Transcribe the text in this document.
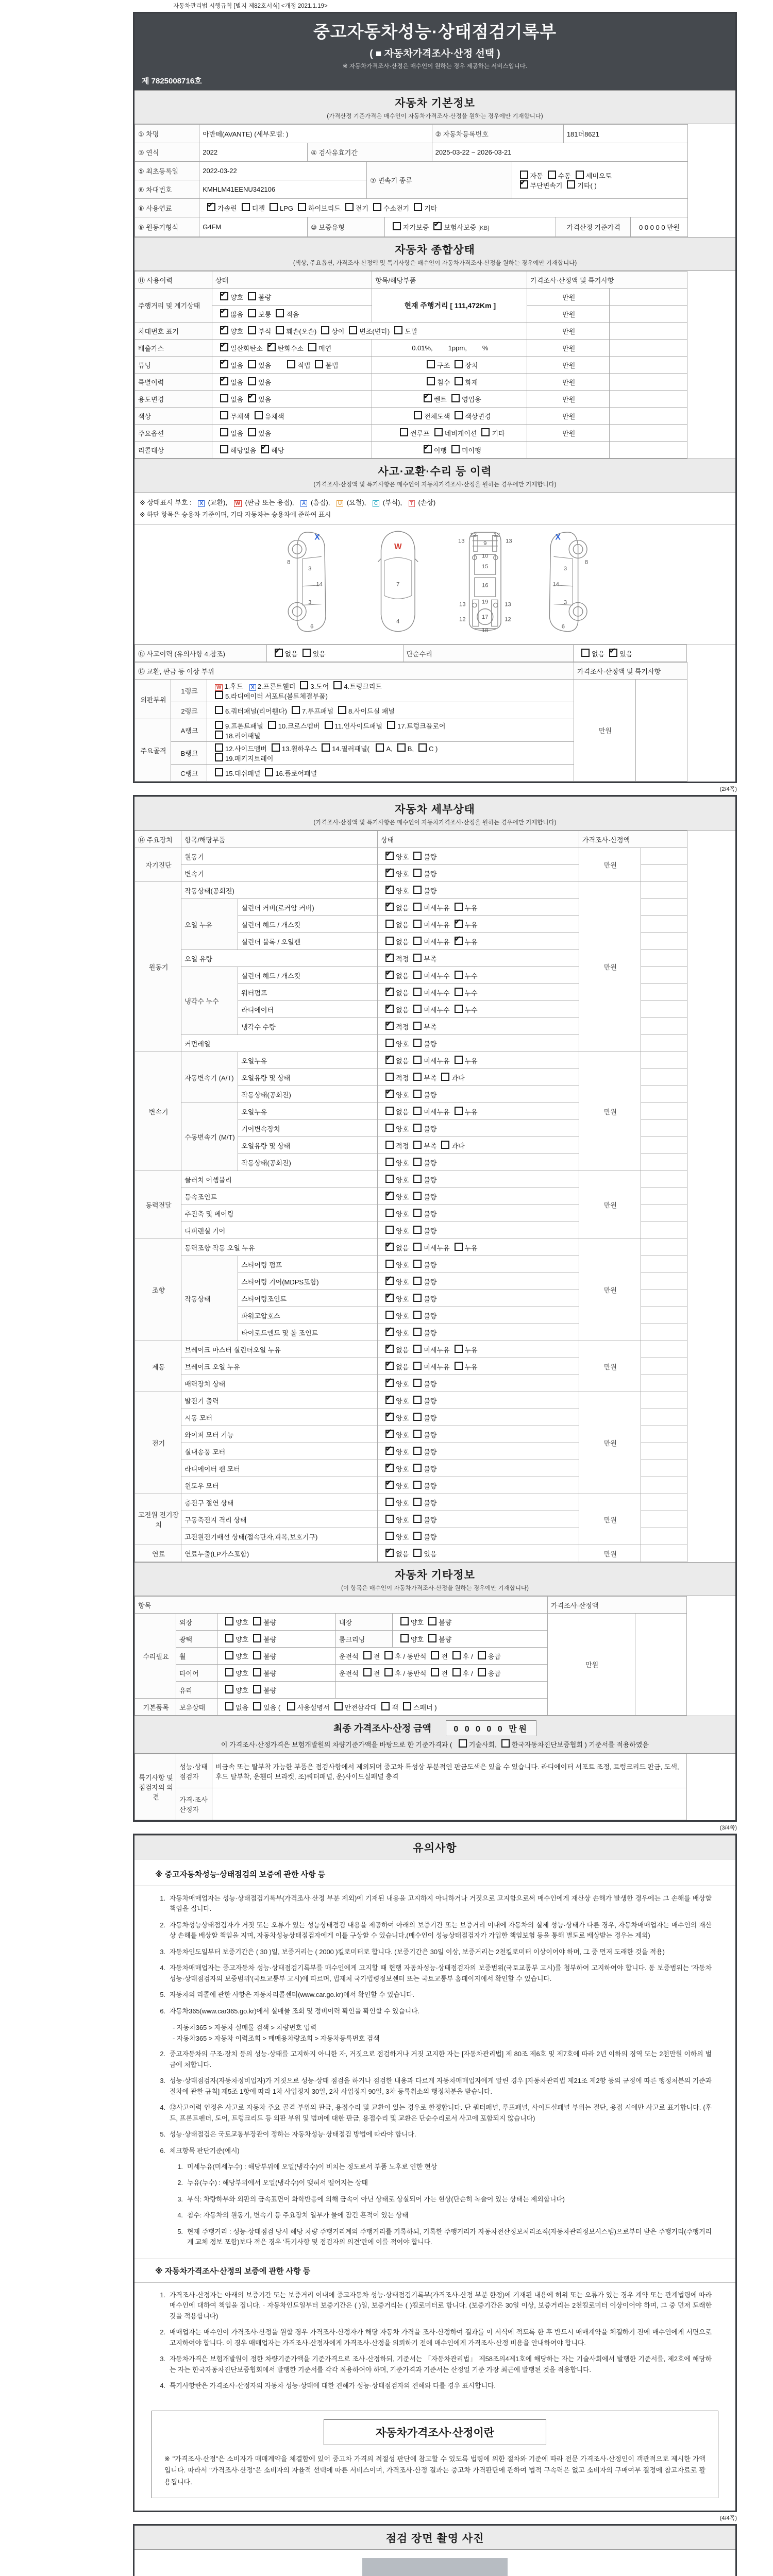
자동차관리법 시행규칙 [별지 제82호서식] <개정 2021.1.19>
중고자동차성능·상태점검기록부
( ■ 자동차가격조사·산정 선택 )
※ 자동차가격조사·산정은 매수인이 원하는 경우 제공하는 서비스입니다.
제 7825008716호
자동차 기본정보
(가격산정 기준가격은 매수인이 자동차가격조사·산정을 원하는 경우에만 기재합니다)
① 차명	아반떼(AVANTE) (세부모델: )				② 자동차등록번호			181더8621	
③ 연식	2022	④ 검사유효기간			2025-03-22 ~ 2026-03-21				
⑤ 최초등록일	2022-03-22		⑦ 변속기 종류			자동 수동 세미오토
✔무단변속기 기타( )
⑥ 차대번호	KMHLM41EENU342106								
⑧ 사용연료	✔가솔린 디젤 LPG 하이브리드 전기 수소전기 기타
⑨ 원동기형식	G4FM	⑩ 보증유형		자가보증 ✔ 보험사보증 [KB]			가격산정 기준가격		0 0 0 0 0 만원
자동차 종합상태
(색상, 주요옵션, 가격조사·산정액 및 특기사항은 매수인이 자동차가격조사·산정을 원하는 경우에만 기재합니다)
⑪ 사용이력	상태	항목/해당부품	가격조사·산정액 및 특기사항	
주행거리 및 계기상태	✔양호 불량	현재 주행거리 [ 111,472Km ]	만원	
✔많음 보통 적음		만원	
차대번호 표기	✔양호 부식 훼손(오손) 상이 변조(변타) 도말		만원	
배출가스	✔일산화탄소 ✔ 탄화수소 매연	0.01%, 1ppm, %	만원	
튜닝	✔없음 있음 적법 불법	구조 장치	만원	
특별이력	✔없음 있음	침수 화재	만원	
용도변경	없음 ✔ 있음	✔렌트 영업용	만원	
색상	무채색 유채색	전체도색 색상변경	만원	
주요옵션	없음 있음	썬루프 네비게이션 기타	만원	
리콜대상	해당없음 ✔ 해당	✔이행 미이행		
사고·교환·수리 등 이력
(가격조사·산정액 및 특기사항은 매수인이 자동차가격조사·산정을 원하는 경우에만 기재합니다)
※ 상태표시 부호 : X (교환), W (판금 또는 용접), A (흠집), U (요철), C (부식), T (손상)
※ 하단 항목은 승용차 기준이며, 기타 자동차는 승용차에 준하여 표시
8
3
14
3
6
X
7
4
W
13
12
9
12
13
10
15
16
19
13	13
12	12
17
18
8
3
14
3
6
X
⑫ 사고이력 (유의사항 4.참조)	✔없음 있음	단순수리	없음 ✔ 있음
⑬ 교환, 판금 등 이상 부위			가격조사·산정액 및 특기사항	
외판부위	1랭크	W 1.후드 X 2.프론트휀더 3.도어 4.트렁크리드
5.라디에이터 서포트(볼트체결부품)	만원	
	2랭크	6.쿼터패널(리어휀다) 7.루프패널 8.사이드실 패널		
주요골격	A랭크	9.프론트패널 10.크로스멤버 11.인사이드패널 17.트렁크플로어
18.리어패널		
	B랭크	12.사이드멤버 13.휠하우스 14.필러패널( A, B, C )
19.패키지트레이		
	C랭크	15.대쉬패널 16.플로어패널		
(2/4쪽)
자동차 세부상태
(가격조사·산정액 및 특기사항은 매수인이 자동차가격조사·산정을 원하는 경우에만 기재합니다)
⑭ 주요장치	항목/해당부품		상태	가격조사·산정액	
자기진단	원동기	✔양호 불량	만원	
	변속기	✔양호 불량	
원동기	작동상태(공회전)	✔양호 불량	만원	
	오일 누유	실린더 커버(로커암 커버)	✔없음 미세누유 누유	
		실린더 헤드 / 개스킷	없음 미세누유 ✔ 누유	
		실린더 블록 / 오일팬	없음 미세누유 ✔ 누유	
	오일 유량	✔적정 부족	
	냉각수 누수	실린더 헤드 / 개스킷	✔없음 미세누수 누수	
		워터펌프	✔없음 미세누수 누수	
		라디에이터	✔없음 미세누수 누수	
		냉각수 수량	✔적정 부족	
	커먼레일		양호 불량		
변속기	자동변속기 (A/T)	오일누유	✔없음 미세누유 누유	만원	
		오일유량 및 상태	적정 부족 과다		
		작동상태(공회전)	✔양호 불량	
	수동변속기 (M/T)	오일누유	없음 미세누유 누유		
		기어변속장치	양호 불량		
		오일유량 및 상태	적정 부족 과다		
		작동상태(공회전)	양호 불량		
동력전달	클러치 어셈블리		양호 불량	만원	
	등속조인트	✔양호 불량	
	추진축 및 베어링		양호 불량		
	디퍼렌셜 기어		양호 불량		
조향	동력조향 작동 오일 누유	✔없음 미세누유 누유	만원	
	작동상태	스티어링 펌프	양호 불량		
		스티어링 기어(MDPS포함)	✔양호 불량	
		스티어링조인트	✔양호 불량	
		파워고압호스	양호 불량		
		타이로드엔드 및 볼 조인트	✔양호 불량	
제동	브레이크 마스터 실린더오일 누유	✔없음 미세누유 누유	만원	
	브레이크 오일 누유	✔없음 미세누유 누유	
	배력장치 상태	✔양호 불량	
전기	발전기 출력	✔양호 불량	만원	
	시동 모터	✔양호 불량	
	와이퍼 모터 기능	✔양호 불량	
	실내송풍 모터	✔양호 불량	
	라디에이터 팬 모터	✔양호 불량	
	윈도우 모터	✔양호 불량	
고전원 전기장치	충전구 절연 상태		양호 불량	만원	
	구동축전지 격리 상태		양호 불량		
	고전원전기배선 상태(접속단자,피복,보호기구)		양호 불량		
연료	연료누출(LP가스포함)	✔없음 있음	만원	
자동차 기타정보
(이 항목은 매수인이 자동차가격조사·산정을 원하는 경우에만 기재합니다)
항목					가격조사·산정액	
수리필요	외장	양호 불량	내장	양호 불량	만원	
	광택	양호 불량	룸크리닝	양호 불량		
	휠	양호 불량	운전석 전 후 / 동반석 전 후 / 응급			
	타이어	양호 불량	운전석 전 후 / 동반석 전 후 / 응급			
	유리	양호 불량				
기본품목	보유상태	없음 있음 ( 사용설명서 안전삼각대 잭 스패너 )				
최종 가격조사·산정 금액	0 0 0 0 0 만원
이 가격조사·산정가격은 보험개발원의 차량기준가액을 바탕으로 한 기준가격과 ( 기술사회, 한국자동차진단보증협회 ) 기준서를 적용하였음
특기사항 및 점검자의 의견	성능·상태점검자	비금속 또는 탈부착 가능한 부품은 점검사항에서 제외되며 중고차 특성상 부분적인 판금도색은 있을 수 있습니다. 라디에이터 서포트 조정, 트렁크리드 판금, 도색, 후드 탈부착, 운휀더 브라켓, 조)쿼터패널, 운)사이드실패널 충격
	가격·조사산정자	
(3/4쪽)
유의사항
※ 중고자동차성능·상태점검의 보증에 관한 사항 등
1. 자동차매매업자는 성능·상태점검기록부(가격조사·산정 부분 제외)에 기재된 내용을 고지하지 아니하거나 거짓으로 고지함으로써 매수인에게 재산상 손해가 발생한 경우에는 그 손해를 배상할 책임을 집니다.
2. 자동차성능상태점검자가 거짓 또는 오류가 있는 성능상태점검 내용을 제공하여 아래의 보증기간 또는 보증거리 이내에 자동차의 실제 성능·상태가 다른 경우, 자동차매매업자는 매수인의 재산상 손해를 배상할 책임을 지며, 자동차성능상태점검자에게 이를 구상할 수 있습니다.(매수인이 성능상태점검자가 가입한 책임보험 등을 통해 별도로 배상받는 경우는 제외)
3. 자동차인도일부터 보증기간은 ( 30 )일, 보증거리는 ( 2000 )킬로미터로 합니다. (보증기간은 30일 이상, 보증거리는 2천킬로미터 이상이어야 하며, 그 중 먼저 도래한 것을 적용)
4. 자동차매매업자는 중고자동차 성능·상태점검기록부를 매수인에게 고지할 때 현행 자동차성능·상태점검자의 보증범위(국토교통부 고시)를 첨부하여 고지하여야 합니다. 동 보증범위는 '자동차성능·상태점검자의 보증범위'(국토교통부 고시)에 따르며, 법제처 국가법령정보센터 또는 국토교통부 홈페이지에서 확인할 수 있습니다.
5. 자동차의 리콜에 관한 사항은 자동차리콜센터(www.car.go.kr)에서 확인할 수 있습니다.
6. 자동차365(www.car365.go.kr)에서 실매물 조회 및 정비이력 확인을 확인할 수 있습니다.
- 자동차365 > 자동차 실매물 검색 > 차량번호 입력
- 자동차365 > 자동차 이력조회 > 매매용차량조회 > 자동차등록번호 검색
2. 중고자동차의 구조·장치 등의 성능·상태를 고지하지 아니한 자, 거짓으로 점검하거나 거짓 고지한 자는 [자동차관리법] 제 80조 제6호 및 제7호에 따라 2년 이하의 징역 또는 2천만원 이하의 벌금에 처합니다.
3. 성능·상태점검자(자동차정비업자)가 거짓으로 성능·상태 점검을 하거나 점검한 내용과 다르게 자동차매매업자에게 알린 경우 [자동차관리법 제21조 제2항 등의 규정에 따른 행정처분의 기준과 절차에 관한 규칙] 제5조 1항에 따라 1차 사업정지 30일, 2차 사업정지 90일, 3차 등록취소의 행정처분을 받습니다.
4. ⑫사고이력 인정은 사고로 자동차 주요 골격 부위의 판금, 용접수리 및 교환이 있는 경우로 한정합니다. 단 쿼터패널, 루프패널, 사이드실패널 부위는 절단, 용접 시에만 사고로 표기합니다. (후드, 프론트펜더, 도어, 트렁크리드 등 외판 부위 및 범퍼에 대한 판금, 용접수리 및 교환은 단순수리로서 사고에 포함되지 않습니다)
5. 성능·상태점검은 국토교통부장관이 정하는 자동차성능·상태점검 방법에 따라야 합니다.
6. 체크항목 판단기준(예시)
1. 미세누유(미세누수) : 해당부위에 오일(냉각수)이 비치는 정도로서 부품 노후로 인한 현상
2. 누유(누수) : 해당부위에서 오일(냉각수)이 맺혀서 떨어지는 상태
3. 부식: 차량하부와 외판의 금속표면이 화학반응에 의해 금속이 아닌 상태로 상실되어 가는 현상(단순히 녹슬어 있는 상태는 제외합니다)
4. 침수: 자동차의 원동기, 변속기 등 주요장치 일부가 물에 잠긴 흔적이 있는 상태
5. 현재 주행거리 : 성능·상태점검 당시 해당 차량 주행거리계의 주행거리를 기록하되, 기록한 주행거리가 자동차전산정보처리조직(자동차관리정보시스템)으로부터 받은 주행거리(주행거리계 교체 정보 포함)보다 적은 경우 '특기사항 및 점검자의 의견'란에 이를 적어야 합니다.
※ 자동차가격조사·산정의 보증에 관한 사항 등
1. 가격조사·산정자는 아래의 보증기간 또는 보증거리 이내에 중고자동차 성능·상태점검기록부(가격조사·산정 부분 한정)에 기재된 내용에 허위 또는 오류가 있는 경우 계약 또는 관계법령에 따라 매수인에 대하여 책임을 집니다. · 자동차인도일부터 보증기간은 ( )일, 보증거리는 ( )킬로미터로 합니다. (보증기간은 30일 이상, 보증거리는 2천킬로미터 이상이어야 하며, 그 중 먼저 도래한 것을 적용합니다)
2. 매매업자는 매수인이 가격조사·산정을 원할 경우 가격조사·산정자가 해당 자동차 가격을 조사·산정하여 결과를 이 서식에 적도록 한 후 반드시 매매계약을 체결하기 전에 매수인에게 서면으로 고지하여야 합니다. 이 경우 매매업자는 가격조사·산정자에게 가격조사·산정을 의뢰하기 전에 매수인에게 가격조사·산정 비용을 안내하여야 합니다.
3. 자동차가격은 보험개발원이 정한 차량기준가액을 기준가격으로 조사·산정하되, 기준서는 「자동차관리법」 제58조의4제1호에 해당하는 자는 기술사회에서 발행한 기준서를, 제2호에 해당하는 자는 한국자동차진단보증협회에서 발행한 기준서를 각각 적용하여야 하며, 기준가격과 기준서는 산정일 기준 가장 최근에 발행된 것을 적용합니다.
4. 특기사항란은 가격조사·산정자의 자동차 성능·상태에 대한 견해가 성능·상태점검자의 견해와 다를 경우 표시합니다.
자동차가격조사·산정이란
※ "가격조사·산정"은 소비자가 매매계약을 체결함에 있어 중고차 가격의 적절성 판단에 참고할 수 있도록 법령에 의한 절차와 기준에 따라 전문 가격조사·산정인이 객관적으로 제시한 가액입니다. 따라서 "가격조사·산정"은 소비자의 자율적 선택에 따른 서비스이며, 가격조사·산정 결과는 중고차 가격판단에 관하여 법적 구속력은 없고 소비자의 구매여부 결정에 참고자료로 활용됩니다.
(4/4쪽)
점검 장면 촬영 사진
